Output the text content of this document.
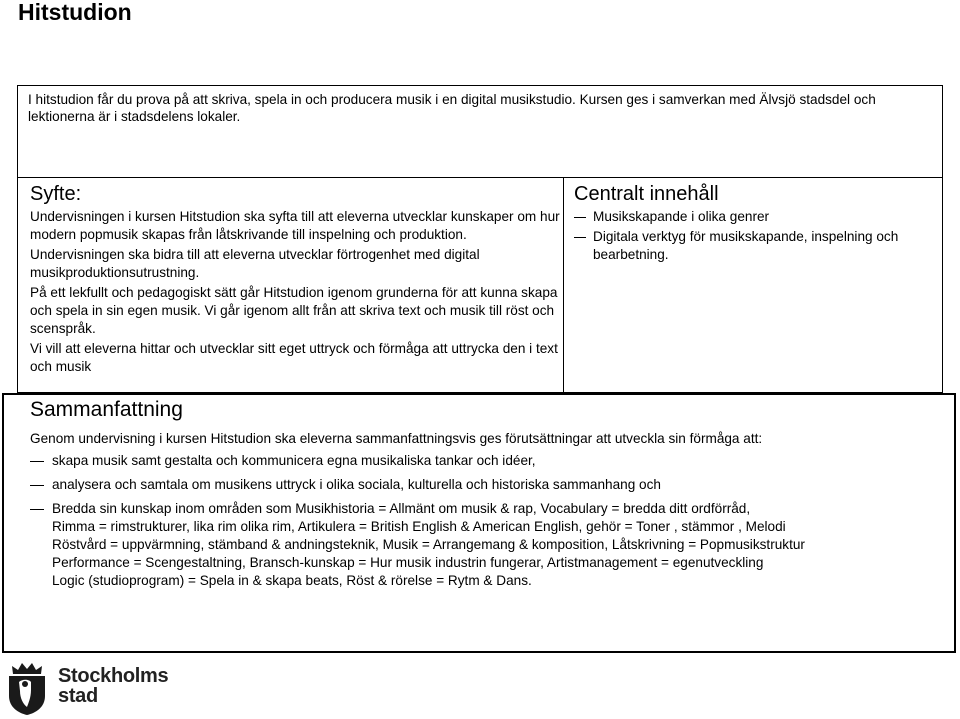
Hitstudion

I hitstudion får du prova på att skriva, spela in och producera musik i en digital musikstudio. Kursen ges i samverkan med Älvsjö stadsdel och lektionerna är i stadsdelens lokaler.

Syfte:

Undervisningen i kursen Hitstudion ska syfta till att eleverna utvecklar kunskaper om hur modern popmusik skapas från låtskrivande till inspelning och produktion.

Undervisningen ska bidra till att eleverna utvecklar förtrogenhet med digital musikproduktionsutrustning.

På ett lekfullt och pedagogiskt sätt går Hitstudion igenom grunderna för att kunna skapa och spela in sin egen musik. Vi går igenom allt från att skriva text och musik till röst och scenspråk.

Vi vill att eleverna hittar och utvecklar sitt eget uttryck och förmåga att uttrycka den i text och musik

Centralt innehåll
Musikskapande i olika genrer
Digitala verktyg för musikskapande, inspelning och bearbetning.
Sammanfattning

Genom undervisning i kursen Hitstudion ska eleverna sammanfattningsvis ges förutsättningar att utveckla sin förmåga att:

skapa musik samt gestalta och kommunicera egna musikaliska tankar och idéer,
analysera och samtala om musikens uttryck i olika sociala, kulturella och historiska sammanhang och
Bredda sin kunskap inom områden som Musikhistoria = Allmänt om musik & rap, Vocabulary = bredda ditt ordförråd,
Rimma = rimstrukturer, lika rim olika rim, Artikulera = British English & American English, gehör = Toner , stämmor , Melodi
Röstvård = uppvärmning, stämband & andningsteknik, Musik = Arrangemang & komposition, Låtskrivning = Popmusikstruktur
Performance = Scengestaltning, Bransch-kunskap = Hur musik industrin fungerar, Artistmanagement = egenutveckling
Logic (studioprogram) = Spela in & skapa beats, Röst & rörelse = Rytm & Dans.
Stockholms
stad
